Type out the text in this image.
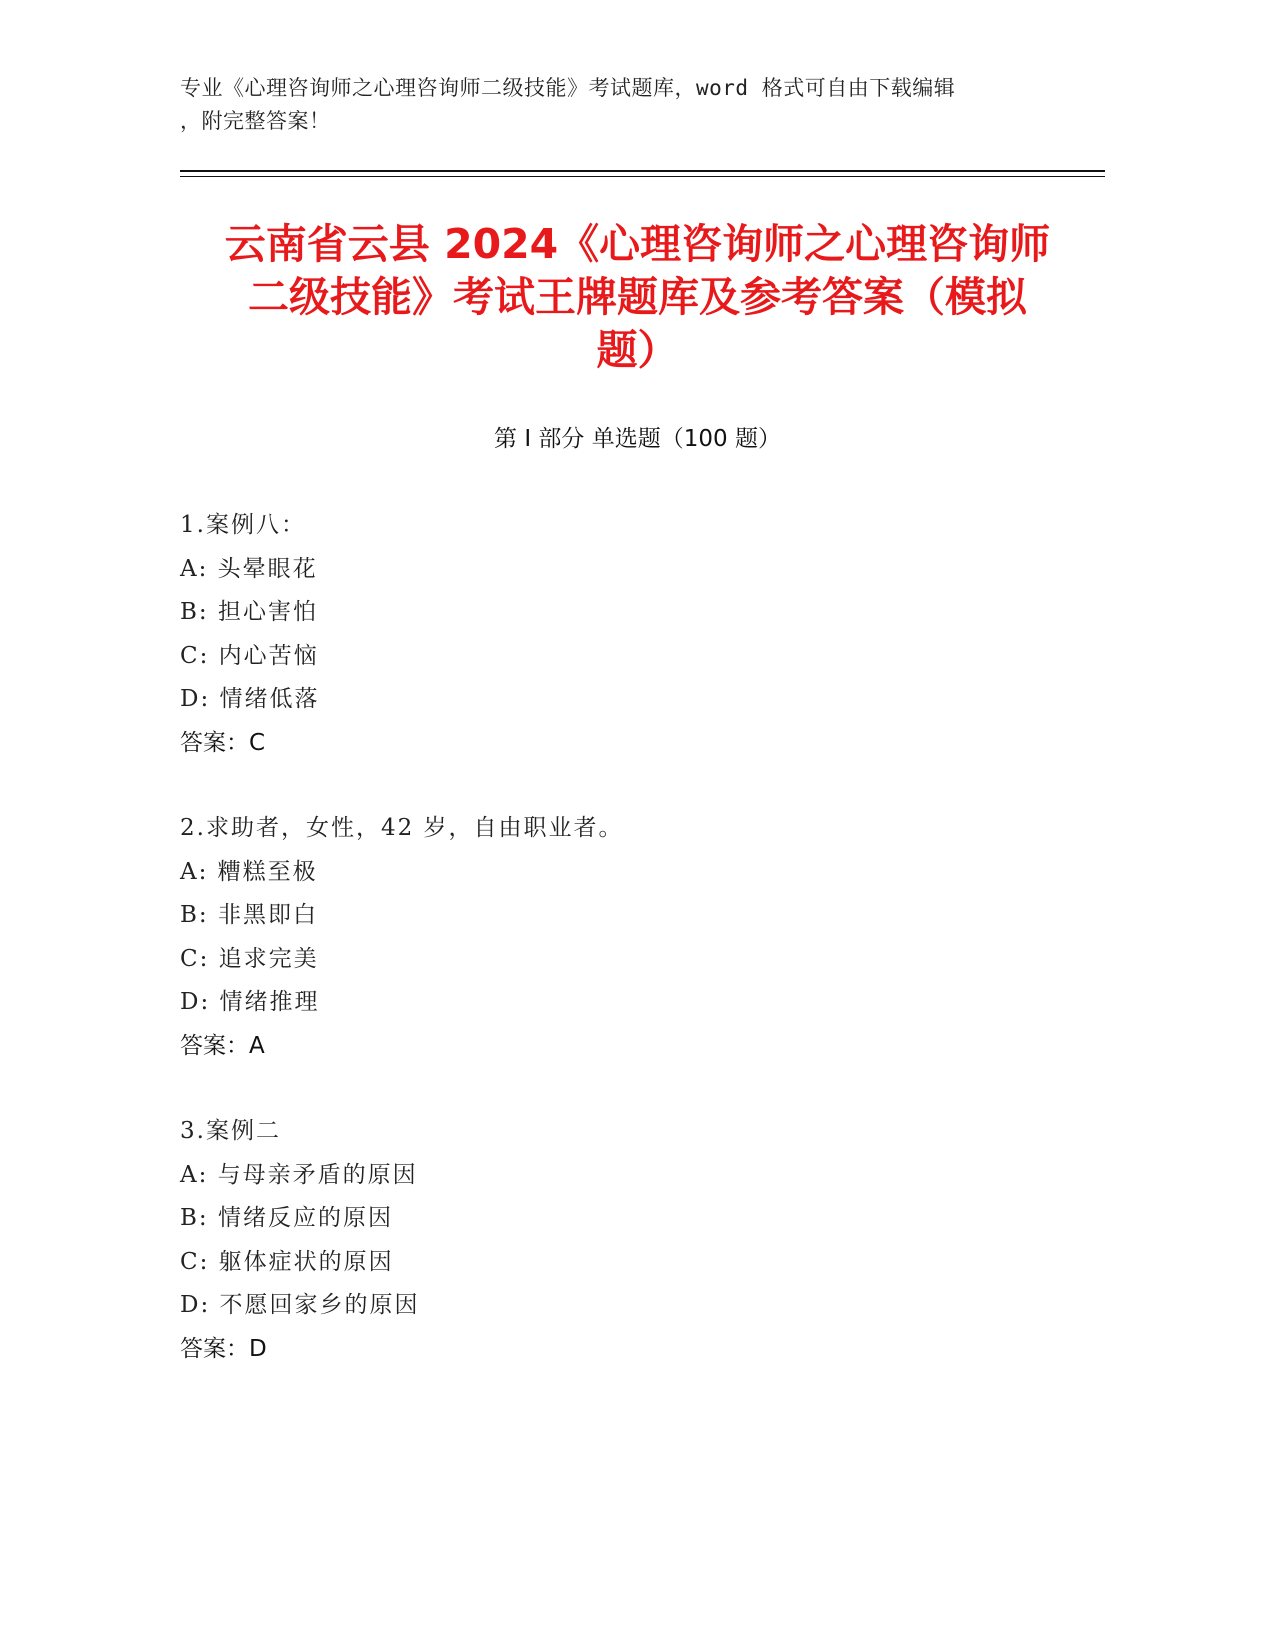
专业《心理咨询师之心理咨询师二级技能》考试题库，word 格式可自由下载编辑
，附完整答案！
云南省云县 2024《心理咨询师之心理咨询师
二级技能》考试王牌题库及参考答案（模拟
题）
第 I 部分 单选题（100 题）
1.案例八：
A: 头晕眼花
B: 担心害怕
C: 内心苦恼
D: 情绪低落
答案：C
2.求助者，女性，42 岁，自由职业者。
A: 糟糕至极
B: 非黑即白
C: 追求完美
D: 情绪推理
答案：A
3.案例二
A: 与母亲矛盾的原因
B: 情绪反应的原因
C: 躯体症状的原因
D: 不愿回家乡的原因
答案：D
